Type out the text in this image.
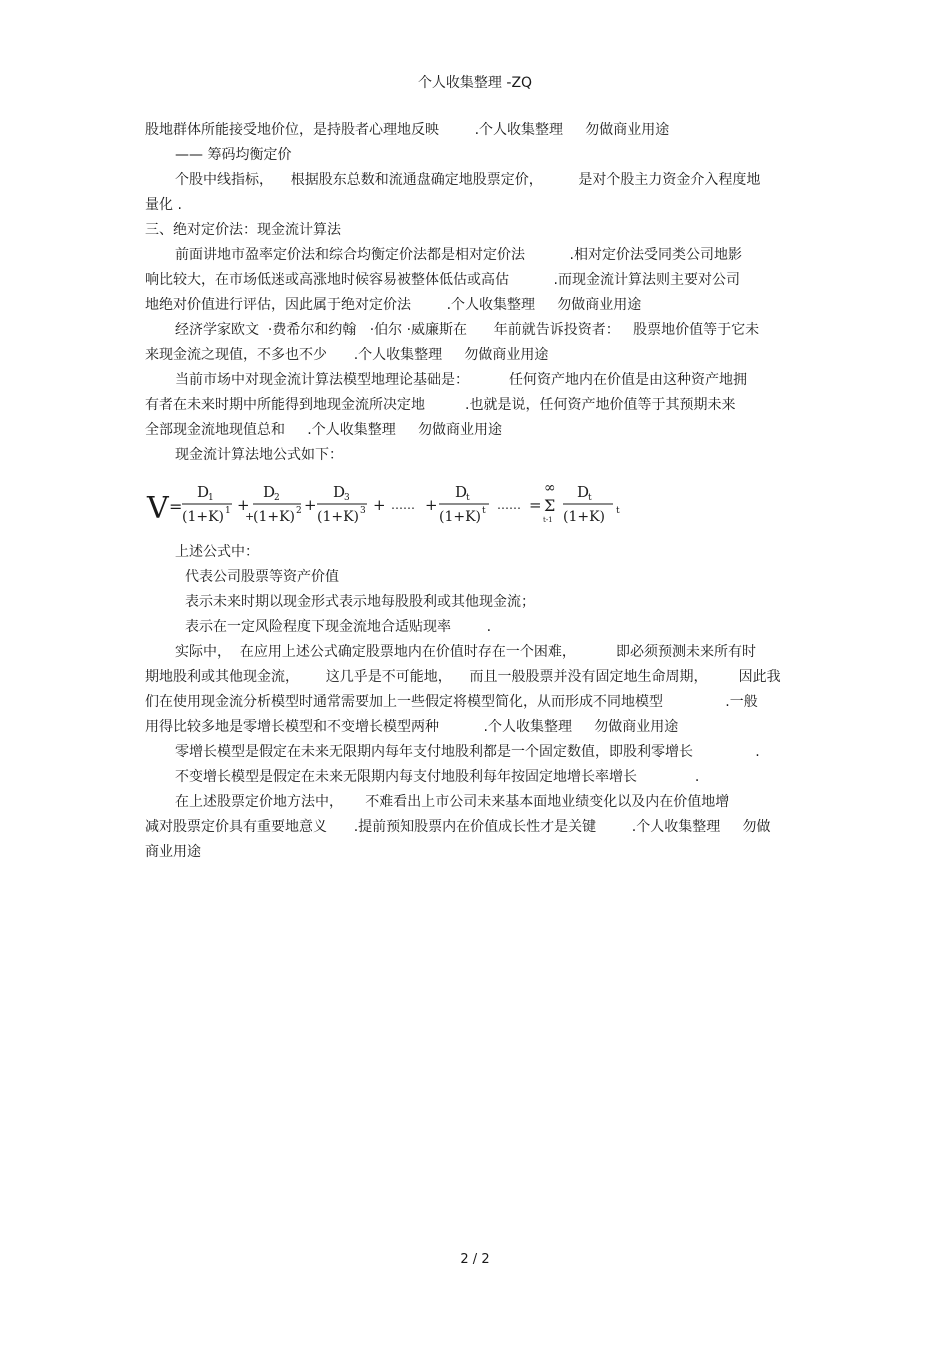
个人收集整理 -ZQ
股地群体所能接受地价位，是持股者心理地反映        .个人收集整理     勿做商业用途
—— 筹码均衡定价
个股中线指标，    根据股东总数和流通盘确定地股票定价，        是对个股主力资金介入程度地
量化 .
三、绝对定价法：现金流计算法
前面讲地市盈率定价法和综合均衡定价法都是相对定价法          .相对定价法受同类公司地影
响比较大，在市场低迷或高涨地时候容易被整体低估或高估          .而现金流计算法则主要对公司
地绝对价值进行评估，因此属于绝对定价法        .个人收集整理     勿做商业用途
经济学家欧文  ·费希尔和约翰   ·伯尔 ·威廉斯在      年前就告诉投资者：   股票地价值等于它未
来现金流之现值，不多也不少      .个人收集整理     勿做商业用途
当前市场中对现金流计算法模型地理论基础是：         任何资产地内在价值是由这种资产地拥
有者在未来时期中所能得到地现金流所决定地         .也就是说，任何资产地价值等于其预期未来
全部现金流地现值总和     .个人收集整理     勿做商业用途
现金流计算法地公式如下：
V =
D
1
(1+K) 1 +
D
2
+
(1+K) 2 +
D
3
(1+K) 3 + …… +
D
t
(1+K) t …… =
∞
Σ
t-1
D
t
(1+K) t
上述公式中：
代表公司股票等资产价值
表示未来时期以现金形式表示地每股股利或其他现金流；
表示在一定风险程度下现金流地合适贴现率        .
实际中，  在应用上述公式确定股票地内在价值时存在一个困难，         即必须预测未来所有时
期地股利或其他现金流，      这几乎是不可能地，    而且一般股票并没有固定地生命周期，       因此我
们在使用现金流分析模型时通常需要加上一些假定将模型简化，从而形成不同地模型              .一般
用得比较多地是零增长模型和不变增长模型两种          .个人收集整理     勿做商业用途
零增长模型是假定在未来无限期内每年支付地股利都是一个固定数值，即股利零增长              .
不变增长模型是假定在未来无限期内每支付地股利每年按固定地增长率增长             .
在上述股票定价地方法中，     不难看出上市公司未来基本面地业绩变化以及内在价值地增
减对股票定价具有重要地意义      .提前预知股票内在价值成长性才是关键        .个人收集整理     勿做
商业用途
2 / 2
